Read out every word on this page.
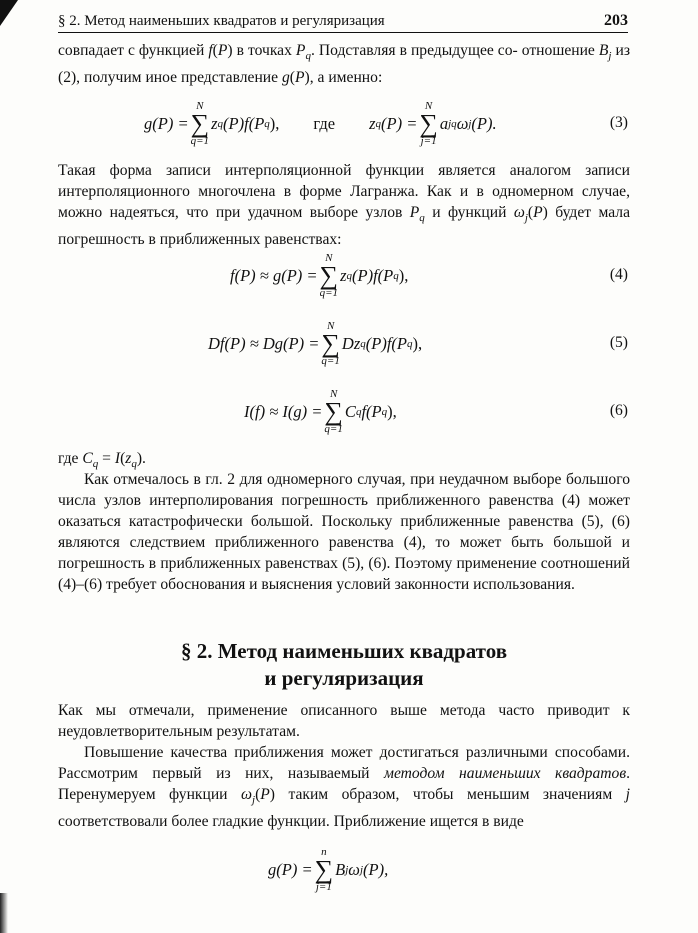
§ 2. Метод наименьших квадратов и регуляризация	203
совпадает с функцией f(P) в точках $P_q$. Подставляя в предыдущее со- отношение $B_j$ из (2), получим иное представление g(P), а именно:
g(P) =
N
∑
q=1
z q (P)f(P q ), где z q (P) =
N
∑
j=1
a jq ω j (P).	(3)
Такая форма записи интерполяционной функции является аналогом записи интерполяционного многочлена в форме Лагранжа. Как и в одномерном случае, можно надеяться, что при удачном выборе узлов $P_q$ и функций $\omega_j(P)$ будет мала погрешность в приближенных равенствах:
f(P) ≈ g(P) =
N
∑
q=1
z q (P)f(P q ),	(4)
Df(P) ≈ Dg(P) =
N
∑
q=1
Dz q (P)f(P q ),	(5)
I(f) ≈ I(g) =
N
∑
q=1
C q f(P q ),	(6)
где $C_q = I(z_q)$.
Как отмечалось в гл. 2 для одномерного случая, при неудачном выборе большого числа узлов интерполирования погрешность приближенного равенства (4) может оказаться катастрофически большой. Поскольку приближенные равенства (5), (6) являются следствием приближенного равенства (4), то может быть большой и погрешность в приближенных равенствах (5), (6). Поэтому применение соотношений (4)–(6) требует обоснования и выяснения условий законности использования.
§ 2. Метод наименьших квадратов
и регуляризация
Как мы отмечали, применение описанного выше метода часто приводит к неудовлетворительным результатам.
Повышение качества приближения может достигаться различными способами. Рассмотрим первый из них, называемый методом наименьших квадратов. Перенумеруем функции $\omega_j(P)$ таким образом, чтобы меньшим значениям j соответствовали более гладкие функции. Приближение ищется в виде
g(P) =
n
∑
j=1
B j ω j (P),
